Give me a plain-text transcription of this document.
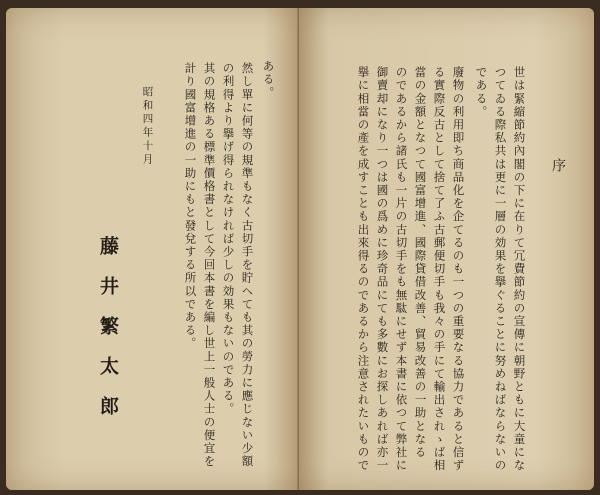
藤井繁太郎
昭和四年十月	計り國富增進の一助にもと發兌する所以である。 其の規格ある標準價格書として今回本書を編し世上一般人士の便宜を の利得より擧げ得られなければ少しの効果もないのである。 然し單に何等の規準もなく古切手を貯へても其の勞力に應じない少額 ある。	擧に相當の產を成すことも出來得るのであるから注意されたいもので 御賣却になり一つは國の爲めに珍奇品にても多數にお探しあれば亦一 のであるから諸氏も一片の古切手をも無駄にせず本書に依つて弊社に 當の金額となつて國富增進、國際貸借改善、貿易改善の一助となる る實際反古として捨て了ふ古郵便切手も我々の手にて輸出されゝば相 廢物の利用即ち商品化を企てるのも一つの重要なる協力であると信ず である。 つてゐる際私共は更に一層の効果を擧ぐることに努めねばならないの 世は緊縮節約內閣の下に在りて冗費節約の宣傳に朝野ともに大童にな 序
